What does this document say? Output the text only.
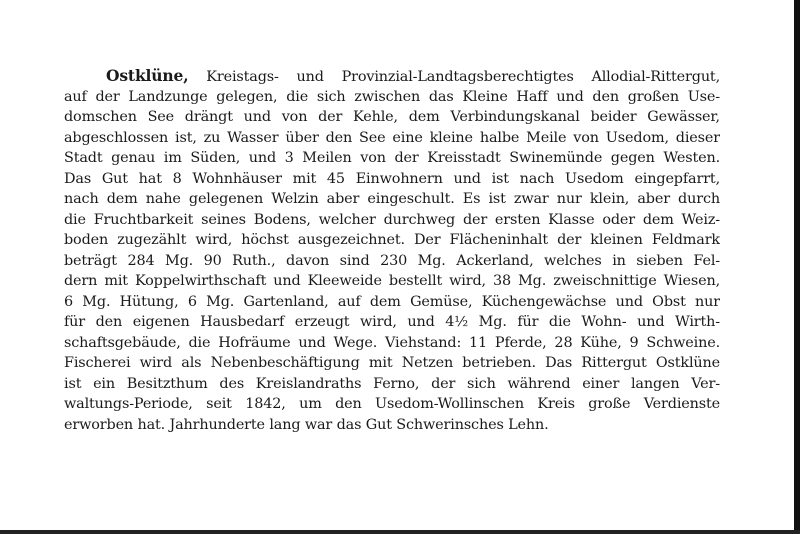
Ostklüne, Kreistags- und Provinzial-Landtagsberechtigtes Allodial-Rittergut,
auf der Landzunge gelegen, die sich zwischen das Kleine Haff und den großen Use-
domschen See drängt und von der Kehle, dem Verbindungskanal beider Gewässer,
abgeschlossen ist, zu Wasser über den See eine kleine halbe Meile von Usedom, dieser
Stadt genau im Süden, und 3 Meilen von der Kreisstadt Swinemünde gegen Westen.
Das Gut hat 8 Wohnhäuser mit 45 Einwohnern und ist nach Usedom eingepfarrt,
nach dem nahe gelegenen Welzin aber eingeschult. Es ist zwar nur klein, aber durch
die Fruchtbarkeit seines Bodens, welcher durchweg der ersten Klasse oder dem Weiz-
boden zugezählt wird, höchst ausgezeichnet. Der Flächeninhalt der kleinen Feldmark
beträgt 284 Mg. 90 Ruth., davon sind 230 Mg. Ackerland, welches in sieben Fel-
dern mit Koppelwirthschaft und Kleeweide bestellt wird, 38 Mg. zweischnittige Wiesen,
6 Mg. Hütung, 6 Mg. Gartenland, auf dem Gemüse, Küchengewächse und Obst nur
für den eigenen Hausbedarf erzeugt wird, und 4½ Mg. für die Wohn- und Wirth-
schaftsgebäude, die Hofräume und Wege. Viehstand: 11 Pferde, 28 Kühe, 9 Schweine.
Fischerei wird als Nebenbeschäftigung mit Netzen betrieben. Das Rittergut Ostklüne
ist ein Besitzthum des Kreislandraths Ferno, der sich während einer langen Ver-
waltungs-Periode, seit 1842, um den Usedom-Wollinschen Kreis große Verdienste
erworben hat. Jahrhunderte lang war das Gut Schwerinsches Lehn.
